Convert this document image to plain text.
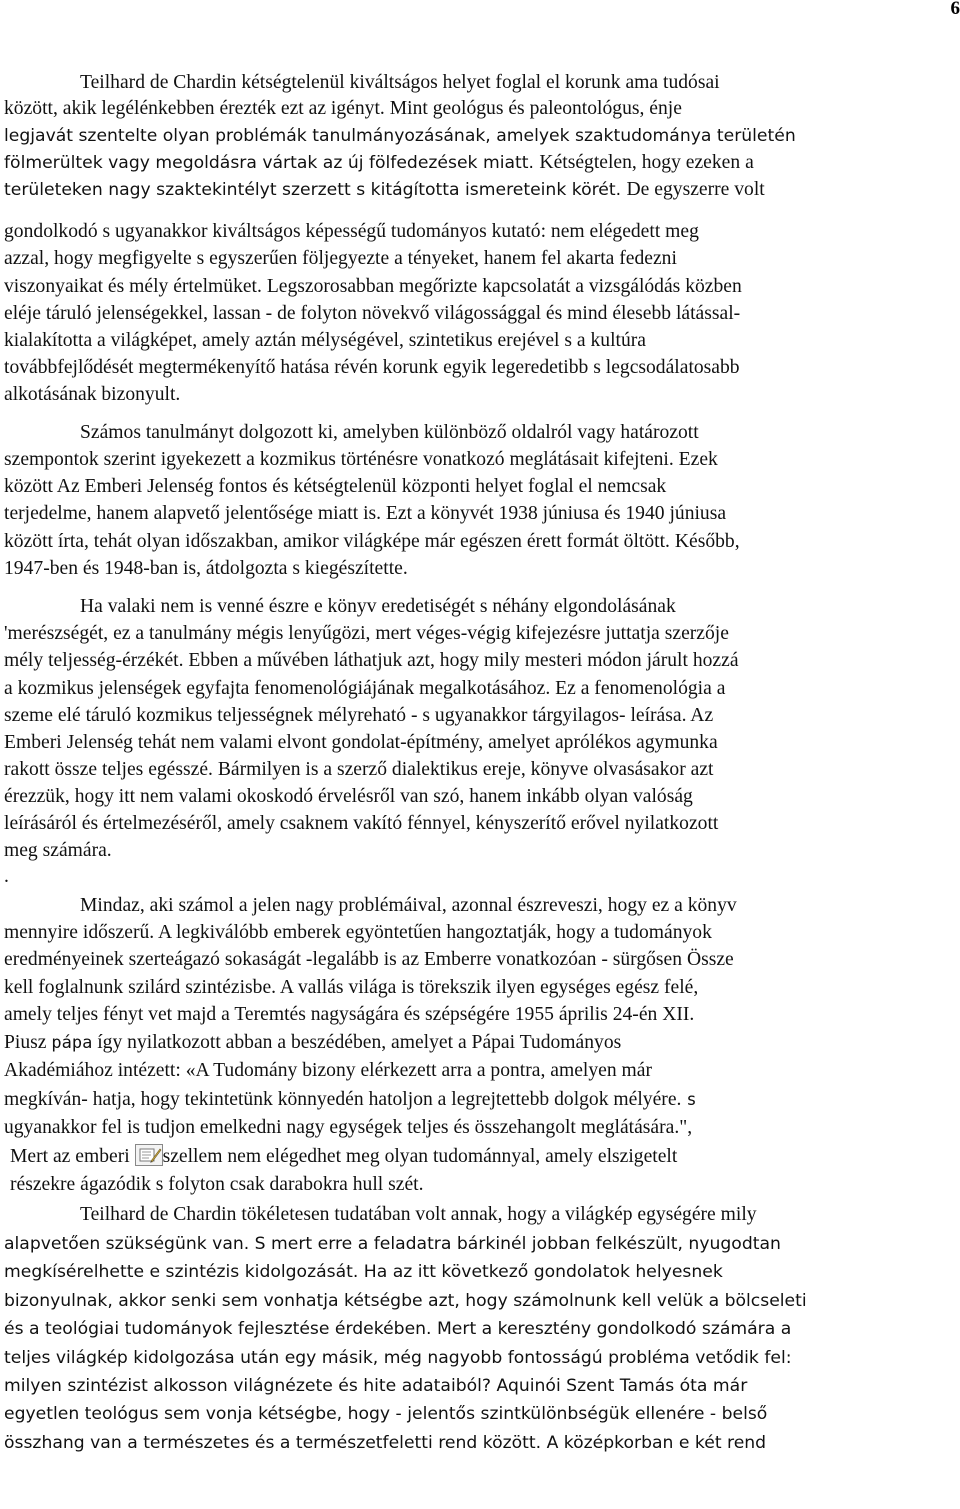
6
Teilhard de Chardin kétségtelenül kiváltságos helyet foglal el korunk ama tudósai
között, akik legélénkebben érezték ezt az igényt. Mint geológus és paleontológus, énje
legjavát szentelte olyan problémák tanulmányozásának, amelyek szaktudománya területén
fölmerültek vagy megoldásra vártak az új fölfedezések miatt. Kétségtelen, hogy ezeken a
területeken nagy szaktekintélyt szerzett s kitágította ismereteink körét. De egyszerre volt
gondolkodó s ugyanakkor kiváltságos képességű tudományos kutató: nem elégedett meg
azzal, hogy megfigyelte s egyszerűen följegyezte a tényeket, hanem fel akarta fedezni
viszonyaikat és mély értelmüket. Legszorosabban megőrizte kapcsolatát a vizsgálódás közben
eléje táruló jelenségekkel, lassan - de folyton növekvő világossággal és mind élesebb látással-
kialakította a világképet, amely aztán mélységével, szintetikus erejével s a kultúra
továbbfejlődését megtermékenyítő hatása révén korunk egyik legeredetibb s legcsodálatosabb
alkotásának bizonyult.
Számos tanulmányt dolgozott ki, amelyben különböző oldalról vagy határozott
szempontok szerint igyekezett a kozmikus történésre vonatkozó meglátásait kifejteni. Ezek
között Az Emberi Jelenség fontos és kétségtelenül központi helyet foglal el nemcsak
terjedelme, hanem alapvető jelentősége miatt is. Ezt a könyvét 1938 júniusa és 1940 júniusa
között írta, tehát olyan időszakban, amikor világképe már egészen érett formát öltött. Később,
1947-ben és 1948-ban is, átdolgozta s kiegészítette.
Ha valaki nem is venné észre e könyv eredetiségét s néhány elgondolásának
'merészségét, ez a tanulmány mégis lenyűgözi, mert véges-végig kifejezésre juttatja szerzője
mély teljesség-érzékét. Ebben a művében láthatjuk azt, hogy mily mesteri módon járult hozzá
a kozmikus jelenségek egyfajta fenomenológiájának megalkotásához. Ez a fenomenológia a
szeme elé táruló kozmikus teljességnek mélyreható - s ugyanakkor tárgyilagos- leírása. Az
Emberi Jelenség tehát nem valami elvont gondolat-építmény, amelyet aprólékos agymunka
rakott össze teljes egésszé. Bármilyen is a szerző dialektikus ereje, könyve olvasásakor azt
érezzük, hogy itt nem valami okoskodó érvelésről van szó, hanem inkább olyan valóság
leírásáról és értelmezéséről, amely csaknem vakító fénnyel, kényszerítő erővel nyilatkozott
meg számára.
.
Mindaz, aki számol a jelen nagy problémáival, azonnal észreveszi, hogy ez a könyv
mennyire időszerű. A legkiválóbb emberek egyöntetűen hangoztatják, hogy a tudományok
eredményeinek szerteágazó sokaságát -legalább is az Emberre vonatkozóan - sürgősen Össze
kell foglalnunk szilárd szintézisbe. A vallás világa is törekszik ilyen egységes egész felé,
amely teljes fényt vet majd a Teremtés nagyságára és szépségére 1955 április 24-én XII.
Piusz pápa így nyilatkozott abban a beszédében, amelyet a Pápai Tudományos
Akadémiához intézett: «A Tudomány bizony elérkezett arra a pontra, amelyen már
megkíván- hatja, hogy tekintetünk könnyedén hatoljon a legrejtettebb dolgok mélyére. s
ugyanakkor fel is tudjon emelkedni nagy egységek teljes és összehangolt meglátására.",
Mert az emberi szellem nem elégedhet meg olyan tudománnyal, amely elszigetelt
részekre ágazódik s folyton csak darabokra hull szét.
Teilhard de Chardin tökéletesen tudatában volt annak, hogy a világkép egységére mily
alapvetően szükségünk van. S mert erre a feladatra bárkinél jobban felkészült, nyugodtan
megkísérelhette e szintézis kidolgozását. Ha az itt következő gondolatok helyesnek
bizonyulnak, akkor senki sem vonhatja kétségbe azt, hogy számolnunk kell velük a bölcseleti
és a teológiai tudományok fejlesztése érdekében. Mert a keresztény gondolkodó számára a
teljes világkép kidolgozása után egy másik, még nagyobb fontosságú probléma vetődik fel:
milyen szintézist alkosson világnézete és hite adataiból? Aquinói Szent Tamás óta már
egyetlen teológus sem vonja kétségbe, hogy - jelentős szintkülönbségük ellenére - belső
összhang van a természetes és a természetfeletti rend között. A középkorban e két rend
